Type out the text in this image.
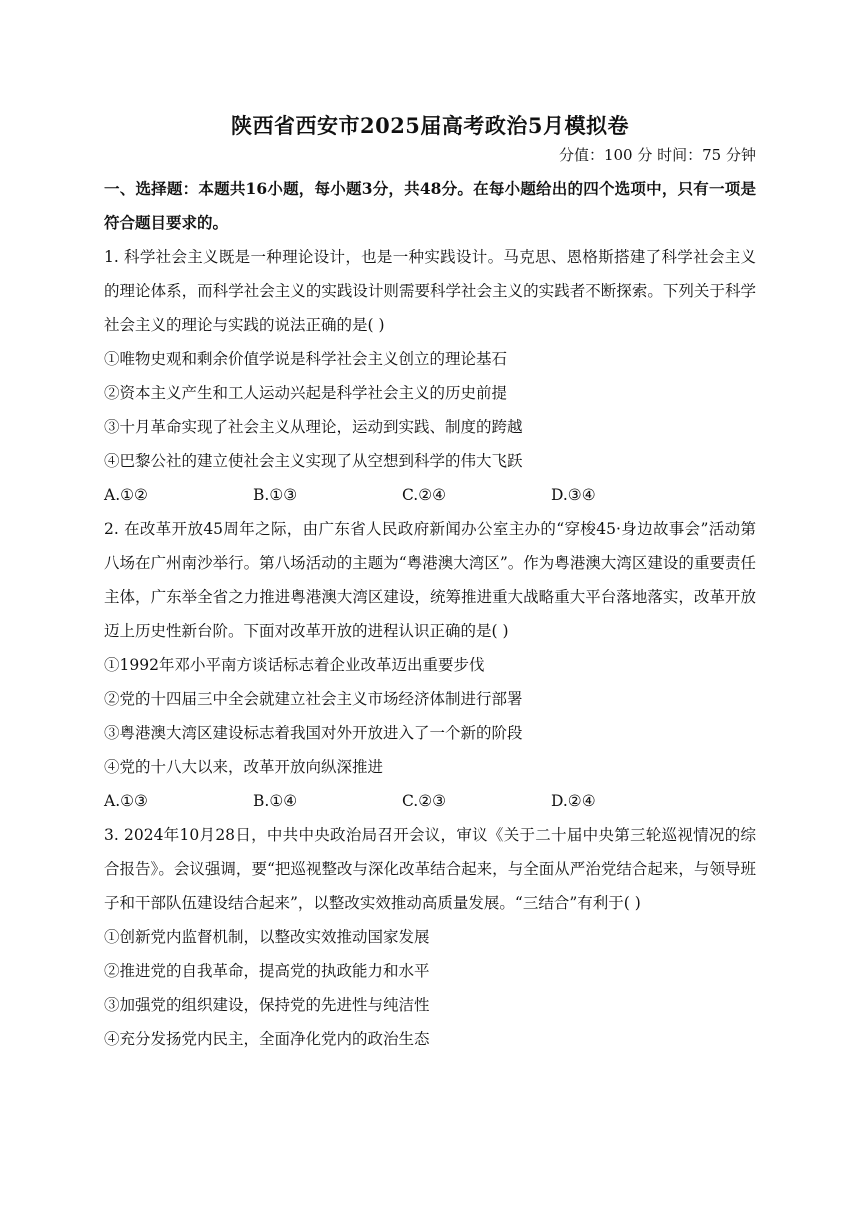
陕西省西安市2025届高考政治5月模拟卷
分值：100 分 时间：75 分钟

一、选择题：本题共16小题，每小题3分，共48分。在每小题给出的四个选项中，只有一项是符合题目要求的。

1. 科学社会主义既是一种理论设计，也是一种实践设计。马克思、恩格斯搭建了科学社会主义的理论体系，而科学社会主义的实践设计则需要科学社会主义的实践者不断探索。下列关于科学社会主义的理论与实践的说法正确的是( )

①唯物史观和剩余价值学说是科学社会主义创立的理论基石

②资本主义产生和工人运动兴起是科学社会主义的历史前提

③十月革命实现了社会主义从理论，运动到实践、制度的跨越

④巴黎公社的建立使社会主义实现了从空想到科学的伟大飞跃

A.①②	B.①③	C.②④	D.③④

2. 在改革开放45周年之际，由广东省人民政府新闻办公室主办的“穿梭45·身边故事会”活动第八场在广州南沙举行。第八场活动的主题为“粤港澳大湾区”。作为粤港澳大湾区建设的重要责任主体，广东举全省之力推进粤港澳大湾区建设，统筹推进重大战略重大平台落地落实，改革开放迈上历史性新台阶。下面对改革开放的进程认识正确的是( )

①1992年邓小平南方谈话标志着企业改革迈出重要步伐

②党的十四届三中全会就建立社会主义市场经济体制进行部署

③粤港澳大湾区建设标志着我国对外开放进入了一个新的阶段

④党的十八大以来，改革开放向纵深推进

A.①③	B.①④	C.②③	D.②④

3. 2024年10月28日，中共中央政治局召开会议，审议《关于二十届中央第三轮巡视情况的综合报告》。会议强调，要“把巡视整改与深化改革结合起来，与全面从严治党结合起来，与领导班子和干部队伍建设结合起来”，以整改实效推动高质量发展。“三结合”有利于( )

①创新党内监督机制，以整改实效推动国家发展

②推进党的自我革命，提高党的执政能力和水平

③加强党的组织建设，保持党的先进性与纯洁性

④充分发扬党内民主，全面净化党内的政治生态
